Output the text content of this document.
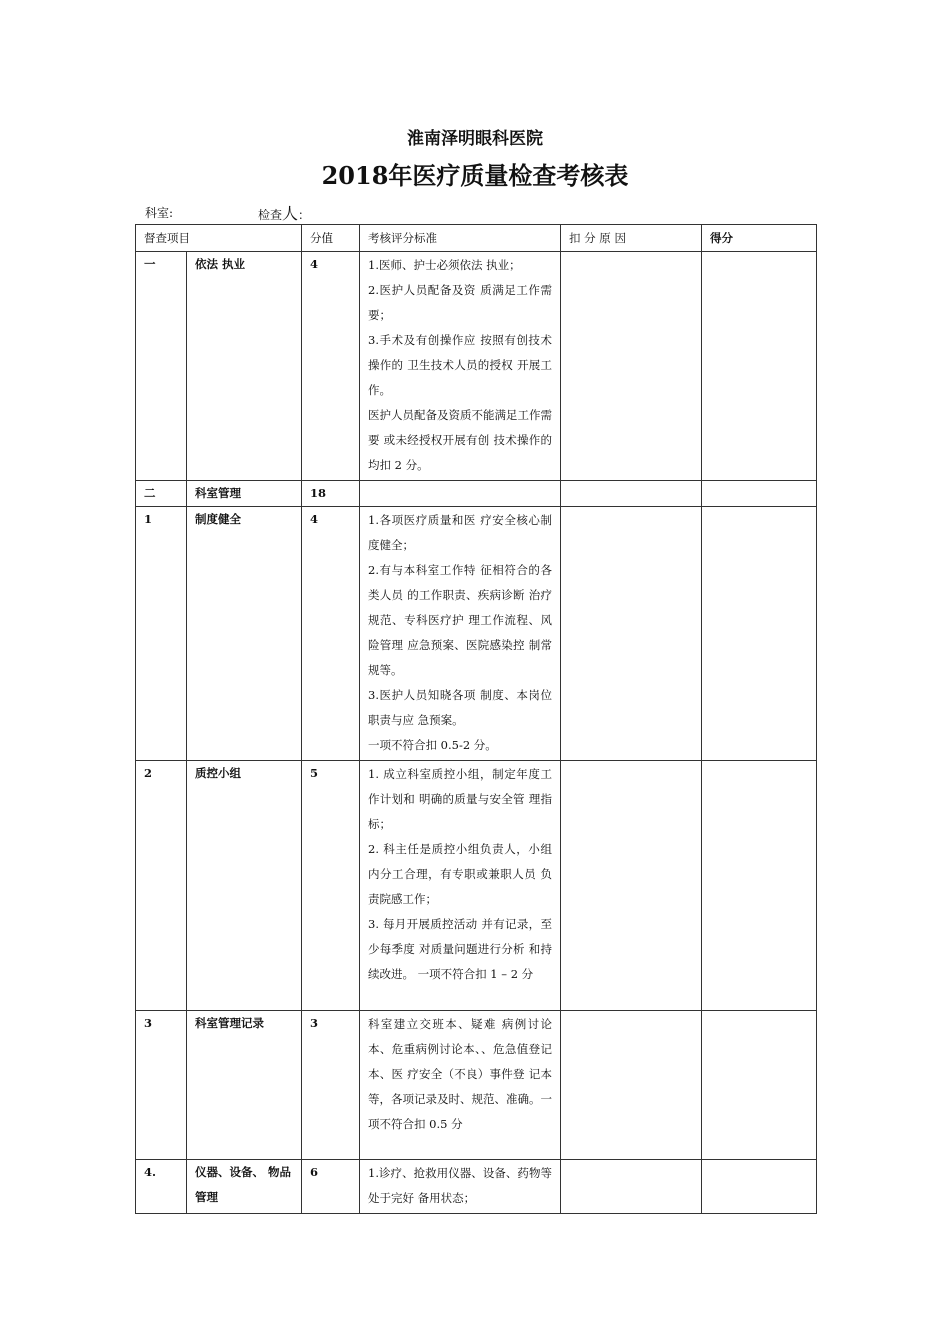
淮南泽明眼科医院
2018年医疗质量检查考核表
科室:	检查人：
督查项目		分值	考核评分标准	扣 分 原 因	得分

一	依法 执业	4	1.医师、护士必须依法 执业；

2.医护人员配备及资 质满足工作需要；

3.手术及有创操作应 按照有创技术操作的 卫生技术人员的授权 开展工作。

医护人员配备及资质不能满足工作需要 或未经授权开展有创 技术操作的均扣 2 分。		

二	科室管理	18			

1	制度健全	4	1.各项医疗质量和医 疗安全核心制度健全；

2.有与本科室工作特 征相符合的各类人员 的工作职责、疾病诊断 治疗规范、专科医疗护 理工作流程、风险管理 应急预案、医院感染控 制常规等。

3.医护人员知晓各项 制度、本岗位职责与应 急预案。

一项不符合扣 0.5-2 分。		

2	质控小组	5	1. 成立科室质控小组，制定年度工作计划和 明确的质量与安全管 理指标；

2. 科主任是质控小组负责人，小组内分工合理，有专职或兼职人员 负责院感工作；

3. 每月开展质控活动 并有记录，至少每季度 对质量问题进行分析 和持续改进。 一项不符合扣 1 – 2 分		

3	科室管理记录	3	科室建立交班本、疑难 病例讨论本、危重病例讨论本、、危急值登记本、医 疗安全（不良）事件登 记本等，各项记录及时、规范、准确。一项不符合扣 0.5 分		

4.	仪器、设备、 物品管理	6	1.诊疗、抢救用仪器、设备、药物等处于完好 备用状态；		
